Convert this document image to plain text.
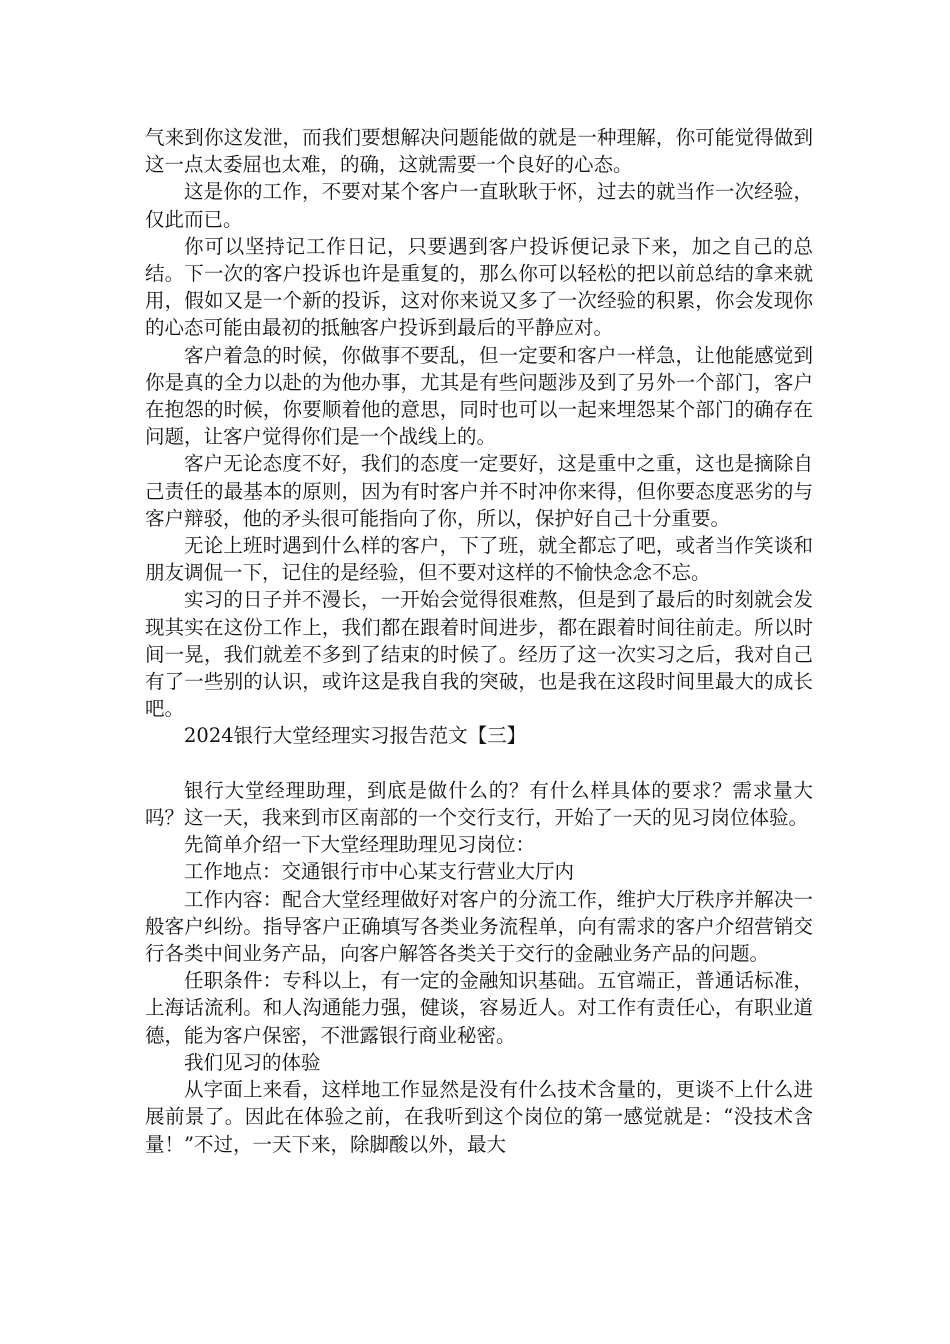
气来到你这发泄，而我们要想解决问题能做的就是一种理解，你可能觉得做到这一点太委屈也太难，的确，这就需要一个良好的心态。

这是你的工作，不要对某个客户一直耿耿于怀，过去的就当作一次经验，仅此而已。

你可以坚持记工作日记，只要遇到客户投诉便记录下来，加之自己的总结。下一次的客户投诉也许是重复的，那么你可以轻松的把以前总结的拿来就用，假如又是一个新的投诉，这对你来说又多了一次经验的积累，你会发现你的心态可能由最初的抵触客户投诉到最后的平静应对。

客户着急的时候，你做事不要乱，但一定要和客户一样急，让他能感觉到你是真的全力以赴的为他办事，尤其是有些问题涉及到了另外一个部门，客户在抱怨的时候，你要顺着他的意思，同时也可以一起来埋怨某个部门的确存在问题，让客户觉得你们是一个战线上的。

客户无论态度不好，我们的态度一定要好，这是重中之重，这也是摘除自己责任的最基本的原则，因为有时客户并不时冲你来得，但你要态度恶劣的与客户辩驳，他的矛头很可能指向了你，所以，保护好自己十分重要。

无论上班时遇到什么样的客户，下了班，就全都忘了吧，或者当作笑谈和朋友调侃一下，记住的是经验，但不要对这样的不愉快念念不忘。

实习的日子并不漫长，一开始会觉得很难熬，但是到了最后的时刻就会发现其实在这份工作上，我们都在跟着时间进步，都在跟着时间往前走。所以时间一晃，我们就差不多到了结束的时候了。经历了这一次实习之后，我对自己有了一些别的认识，或许这是我自我的突破，也是我在这段时间里最大的成长吧。

2024银行大堂经理实习报告范文【三】

银行大堂经理助理，到底是做什么的？有什么样具体的要求？需求量大吗？这一天，我来到市区南部的一个交行支行，开始了一天的见习岗位体验。

先简单介绍一下大堂经理助理见习岗位：

工作地点：交通银行市中心某支行营业大厅内

工作内容：配合大堂经理做好对客户的分流工作，维护大厅秩序并解决一般客户纠纷。指导客户正确填写各类业务流程单，向有需求的客户介绍营销交行各类中间业务产品，向客户解答各类关于交行的金融业务产品的问题。

任职条件：专科以上，有一定的金融知识基础。五官端正，普通话标准，上海话流利。和人沟通能力强，健谈，容易近人。对工作有责任心，有职业道德，能为客户保密，不泄露银行商业秘密。

我们见习的体验

从字面上来看，这样地工作显然是没有什么技术含量的，更谈不上什么进展前景了。因此在体验之前，在我听到这个岗位的第一感觉就是：“没技术含量！”不过，一天下来，除脚酸以外，最大
